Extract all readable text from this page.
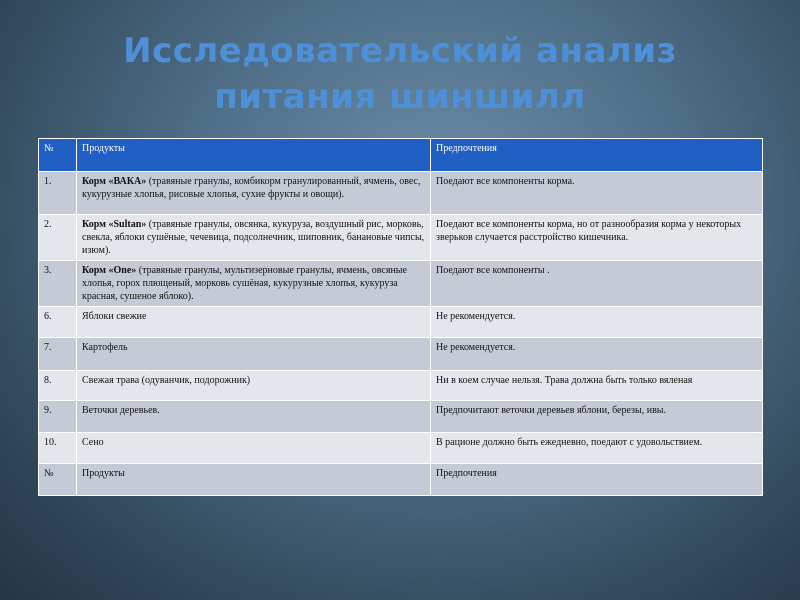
Исследовательский анализ
питания шиншилл
№	Продукты	Предпочтения
1.	Корм «ВАКА» (травяные гранулы, комбикорм гранулированный, ячмень, овес, кукурузные хлопья, рисовые хлопья, сухие фрукты и овощи).	Поедают все компоненты корма.
2.	Корм «Sultan» (травяные гранулы, овсянка, кукуруза, воздушный рис, морковь, свекла, яблоки сушёные, чечевица, подсолнечник, шиповник, банановые чипсы, изюм).	Поедают все компоненты корма, но от разнообразия корма у некоторых зверьков случается расстройство кишечника.
3.	Корм «One» (травяные гранулы, мультизерновые гранулы, ячмень, овсяные хлопья, горох плющеный, морковь сушёная, кукурузные хлопья, кукуруза красная, сушеное яблоко).	Поедают все компоненты .
6.	Яблоки свежие	Не рекомендуется.
7.	Картофель	Не рекомендуется.
8.	Свежая трава (одуванчик, подорожник)	Ни в коем случае нельзя. Трава должна быть только вяленая
9.	Веточки деревьев.	Предпочитают веточки деревьев яблони, березы, ивы.
10.	Сено	В рационе должно быть ежедневно, поедают с удовольствием.
№	Продукты	Предпочтения
